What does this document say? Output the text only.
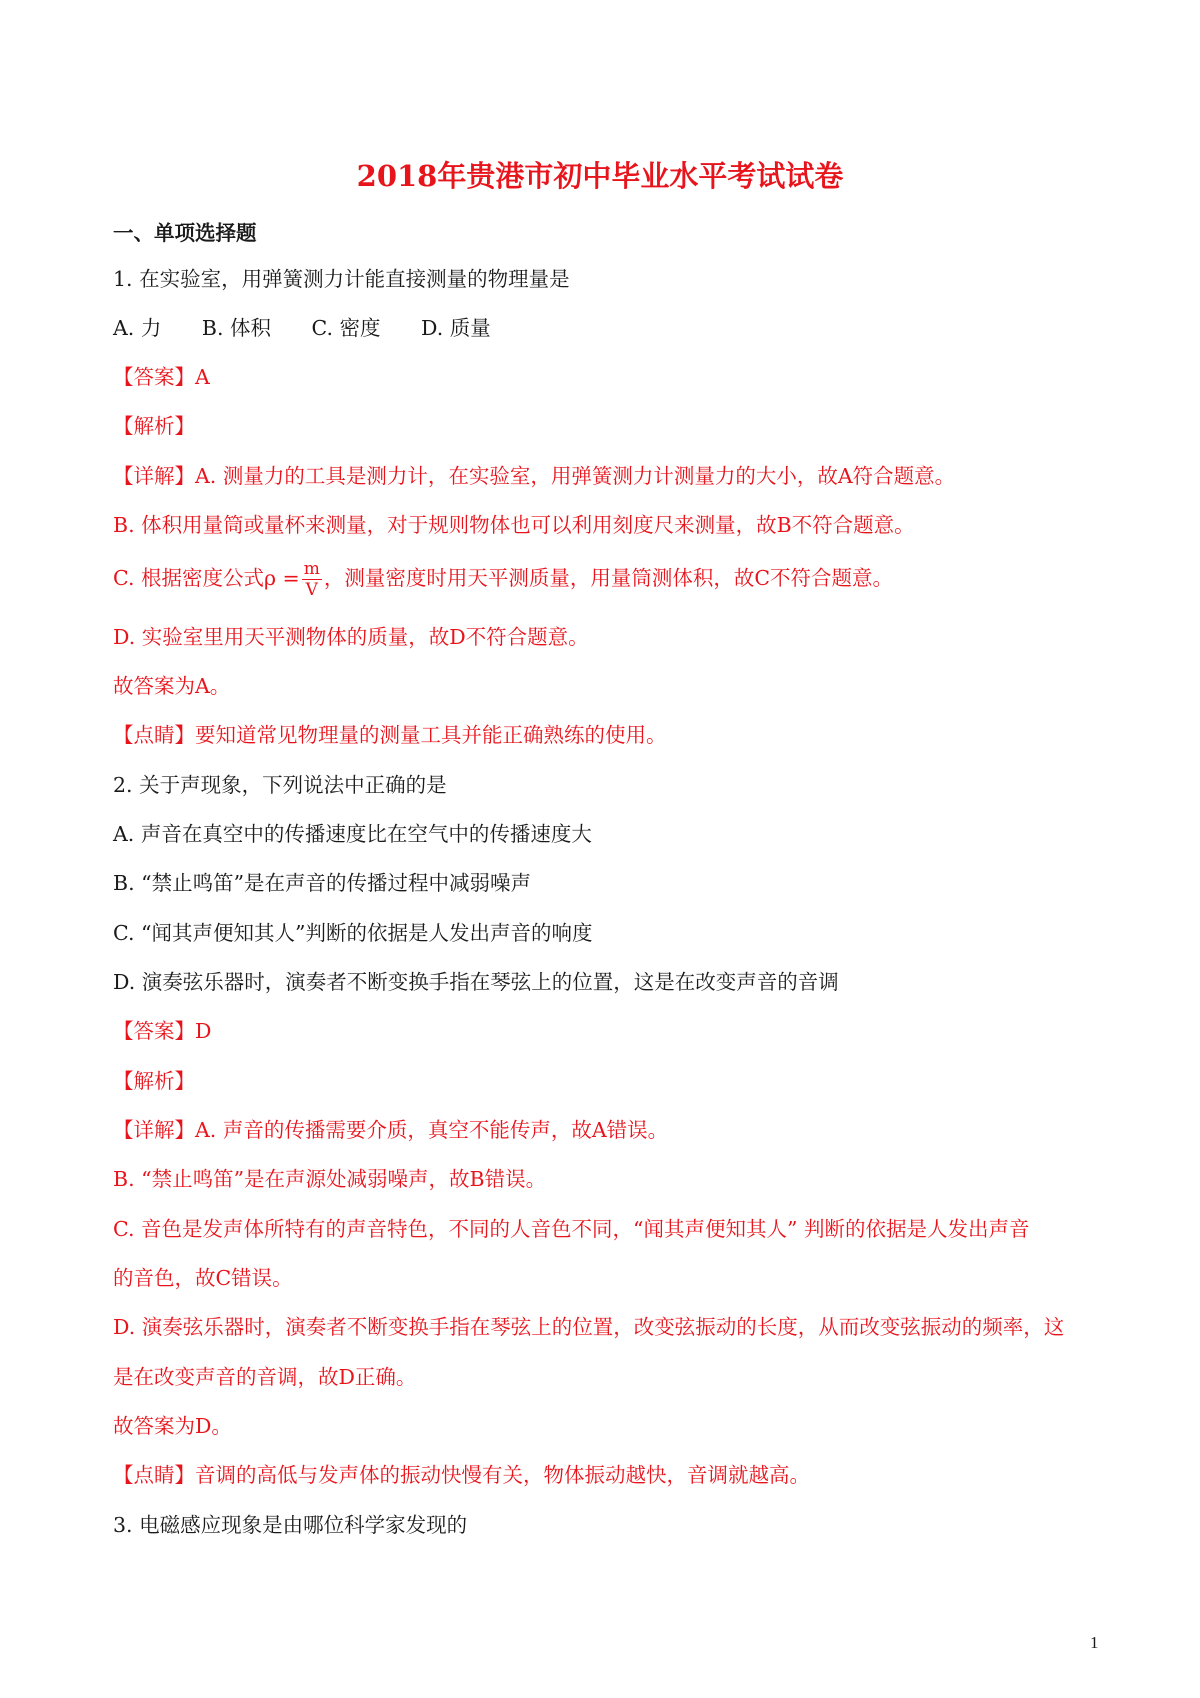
2018年贵港市初中毕业水平考试试卷
一、单项选择题
1. 在实验室，用弹簧测力计能直接测量的物理量是
A. 力 B. 体积 C. 密度 D. 质量
【答案】A
【解析】
【详解】A. 测量力的工具是测力计，在实验室，用弹簧测力计测量力的大小，故A符合题意。
B. 体积用量筒或量杯来测量，对于规则物体也可以利用刻度尺来测量，故B不符合题意。
C. 根据密度公式$\rho = \frac{m}{V}$ ，测量密度时用天平测质量，用量筒测体积，故C不符合题意。
D. 实验室里用天平测物体的质量，故D不符合题意。
故答案为A。
【点睛】要知道常见物理量的测量工具并能正确熟练的使用。
2. 关于声现象，下列说法中正确的是
A. 声音在真空中的传播速度比在空气中的传播速度大
B. “禁止鸣笛”是在声音的传播过程中减弱噪声
C. “闻其声便知其人”判断的依据是人发出声音的响度
D. 演奏弦乐器时，演奏者不断变换手指在琴弦上的位置，这是在改变声音的音调
【答案】D
【解析】
【详解】A. 声音的传播需要介质，真空不能传声，故A错误。
B. “禁止鸣笛”是在声源处减弱噪声，故B错误。
C. 音色是发声体所特有的声音特色，不同的人音色不同，“闻其声便知其人” 判断的依据是人发出声音
的音色，故C错误。
D. 演奏弦乐器时，演奏者不断变换手指在琴弦上的位置，改变弦振动的长度，从而改变弦振动的频率，这
是在改变声音的音调，故D正确。
故答案为D。
【点睛】音调的高低与发声体的振动快慢有关，物体振动越快，音调就越高。
3. 电磁感应现象是由哪位科学家发现的
1
